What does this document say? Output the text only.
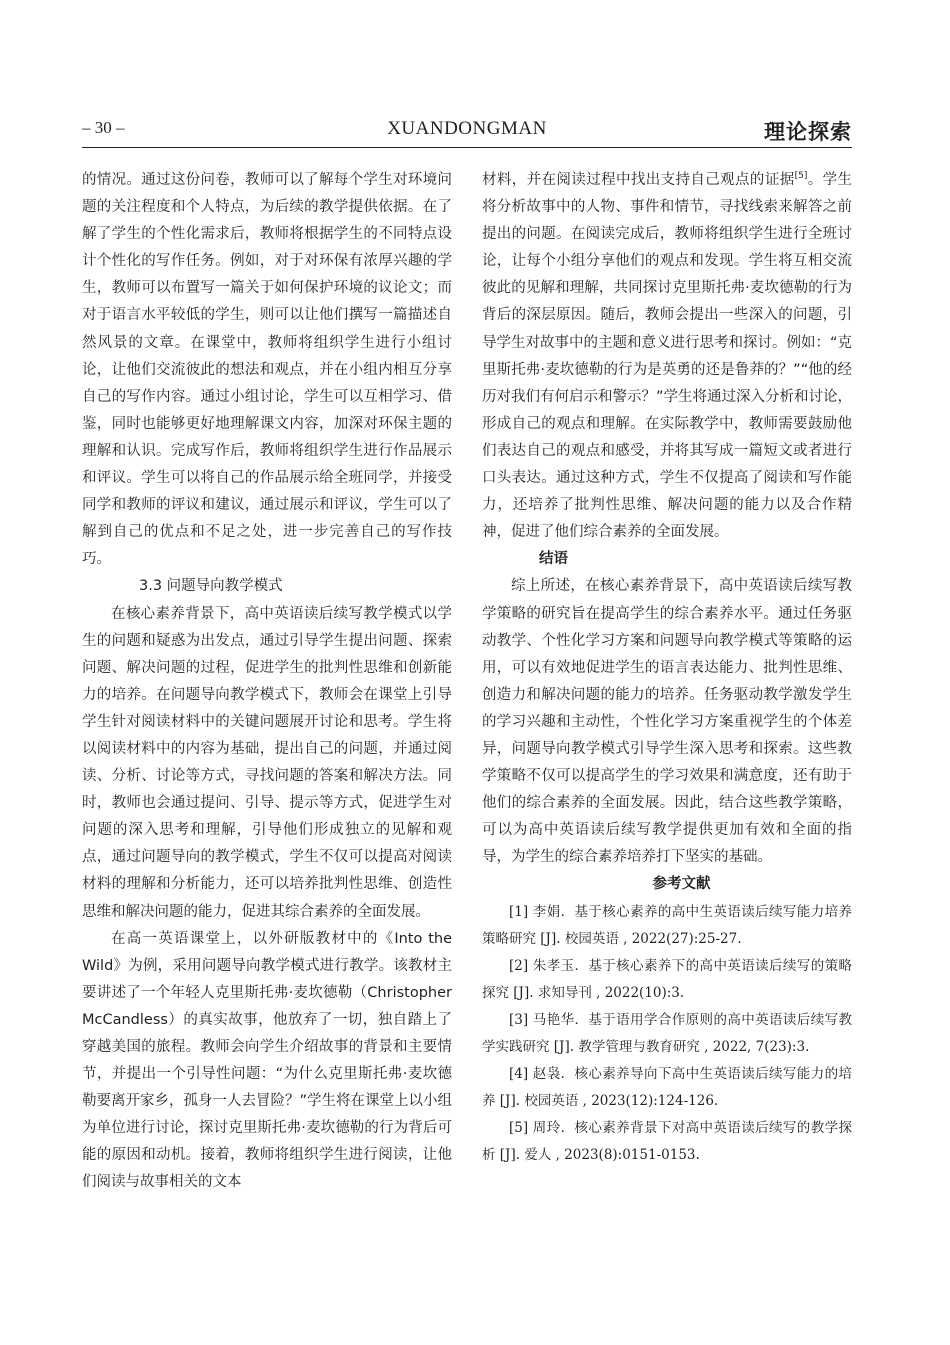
– 30 –	XUANDONGMAN	理论探索

的情况。通过这份问卷，教师可以了解每个学生对环境问题的关注程度和个人特点，为后续的教学提供依据。在了解了学生的个性化需求后，教师将根据学生的不同特点设计个性化的写作任务。例如，对于对环保有浓厚兴趣的学生，教师可以布置写一篇关于如何保护环境的议论文；而对于语言水平较低的学生，则可以让他们撰写一篇描述自然风景的文章。在课堂中，教师将组织学生进行小组讨论，让他们交流彼此的想法和观点，并在小组内相互分享自己的写作内容。通过小组讨论，学生可以互相学习、借鉴，同时也能够更好地理解课文内容，加深对环保主题的理解和认识。完成写作后，教师将组织学生进行作品展示和评议。学生可以将自己的作品展示给全班同学，并接受同学和教师的评议和建议，通过展示和评议，学生可以了解到自己的优点和不足之处，进一步完善自己的写作技巧。

3.3 问题导向教学模式

在核心素养背景下，高中英语读后续写教学模式以学生的问题和疑惑为出发点，通过引导学生提出问题、探索问题、解决问题的过程，促进学生的批判性思维和创新能力的培养。在问题导向教学模式下，教师会在课堂上引导学生针对阅读材料中的关键问题展开讨论和思考。学生将以阅读材料中的内容为基础，提出自己的问题，并通过阅读、分析、讨论等方式，寻找问题的答案和解决方法。同时，教师也会通过提问、引导、提示等方式，促进学生对问题的深入思考和理解，引导他们形成独立的见解和观点，通过问题导向的教学模式，学生不仅可以提高对阅读材料的理解和分析能力，还可以培养批判性思维、创造性思维和解决问题的能力，促进其综合素养的全面发展。

在高一英语课堂上，以外研版教材中的《Into the Wild》为例，采用问题导向教学模式进行教学。该教材主要讲述了一个年轻人克里斯托弗·麦坎德勒（Christopher McCandless）的真实故事，他放弃了一切，独自踏上了穿越美国的旅程。教师会向学生介绍故事的背景和主要情节，并提出一个引导性问题：“为什么克里斯托弗·麦坎德勒要离开家乡，孤身一人去冒险？”学生将在课堂上以小组为单位进行讨论，探讨克里斯托弗·麦坎德勒的行为背后可能的原因和动机。接着，教师将组织学生进行阅读，让他们阅读与故事相关的文本

材料，并在阅读过程中找出支持自己观点的证据[5]。学生将分析故事中的人物、事件和情节，寻找线索来解答之前提出的问题。在阅读完成后，教师将组织学生进行全班讨论，让每个小组分享他们的观点和发现。学生将互相交流彼此的见解和理解，共同探讨克里斯托弗·麦坎德勒的行为背后的深层原因。随后，教师会提出一些深入的问题，引导学生对故事中的主题和意义进行思考和探讨。例如：“克里斯托弗·麦坎德勒的行为是英勇的还是鲁莽的？”“他的经历对我们有何启示和警示？”学生将通过深入分析和讨论，形成自己的观点和理解。在实际教学中，教师需要鼓励他们表达自己的观点和感受，并将其写成一篇短文或者进行口头表达。通过这种方式，学生不仅提高了阅读和写作能力，还培养了批判性思维、解决问题的能力以及合作精神，促进了他们综合素养的全面发展。

结语

综上所述，在核心素养背景下，高中英语读后续写教学策略的研究旨在提高学生的综合素养水平。通过任务驱动教学、个性化学习方案和问题导向教学模式等策略的运用，可以有效地促进学生的语言表达能力、批判性思维、创造力和解决问题的能力的培养。任务驱动教学激发学生的学习兴趣和主动性，个性化学习方案重视学生的个体差异，问题导向教学模式引导学生深入思考和探索。这些教学策略不仅可以提高学生的学习效果和满意度，还有助于他们的综合素养的全面发展。因此，结合这些教学策略，可以为高中英语读后续写教学提供更加有效和全面的指导，为学生的综合素养培养打下坚实的基础。

参考文献

[1] 李娟．基于核心素养的高中生英语读后续写能力培养策略研究 [J]. 校园英语 , 2022(27):25-27.

[2] 朱孝玉．基于核心素养下的高中英语读后续写的策略探究 [J]. 求知导刊 , 2022(10):3.

[3] 马艳华．基于语用学合作原则的高中英语读后续写教学实践研究 [J]. 教学管理与教育研究 , 2022, 7(23):3.

[4] 赵袅．核心素养导向下高中生英语读后续写能力的培养 [J]. 校园英语 , 2023(12):124-126.

[5] 周玲．核心素养背景下对高中英语读后续写的教学探析 [J]. 爱人 , 2023(8):0151-0153.
